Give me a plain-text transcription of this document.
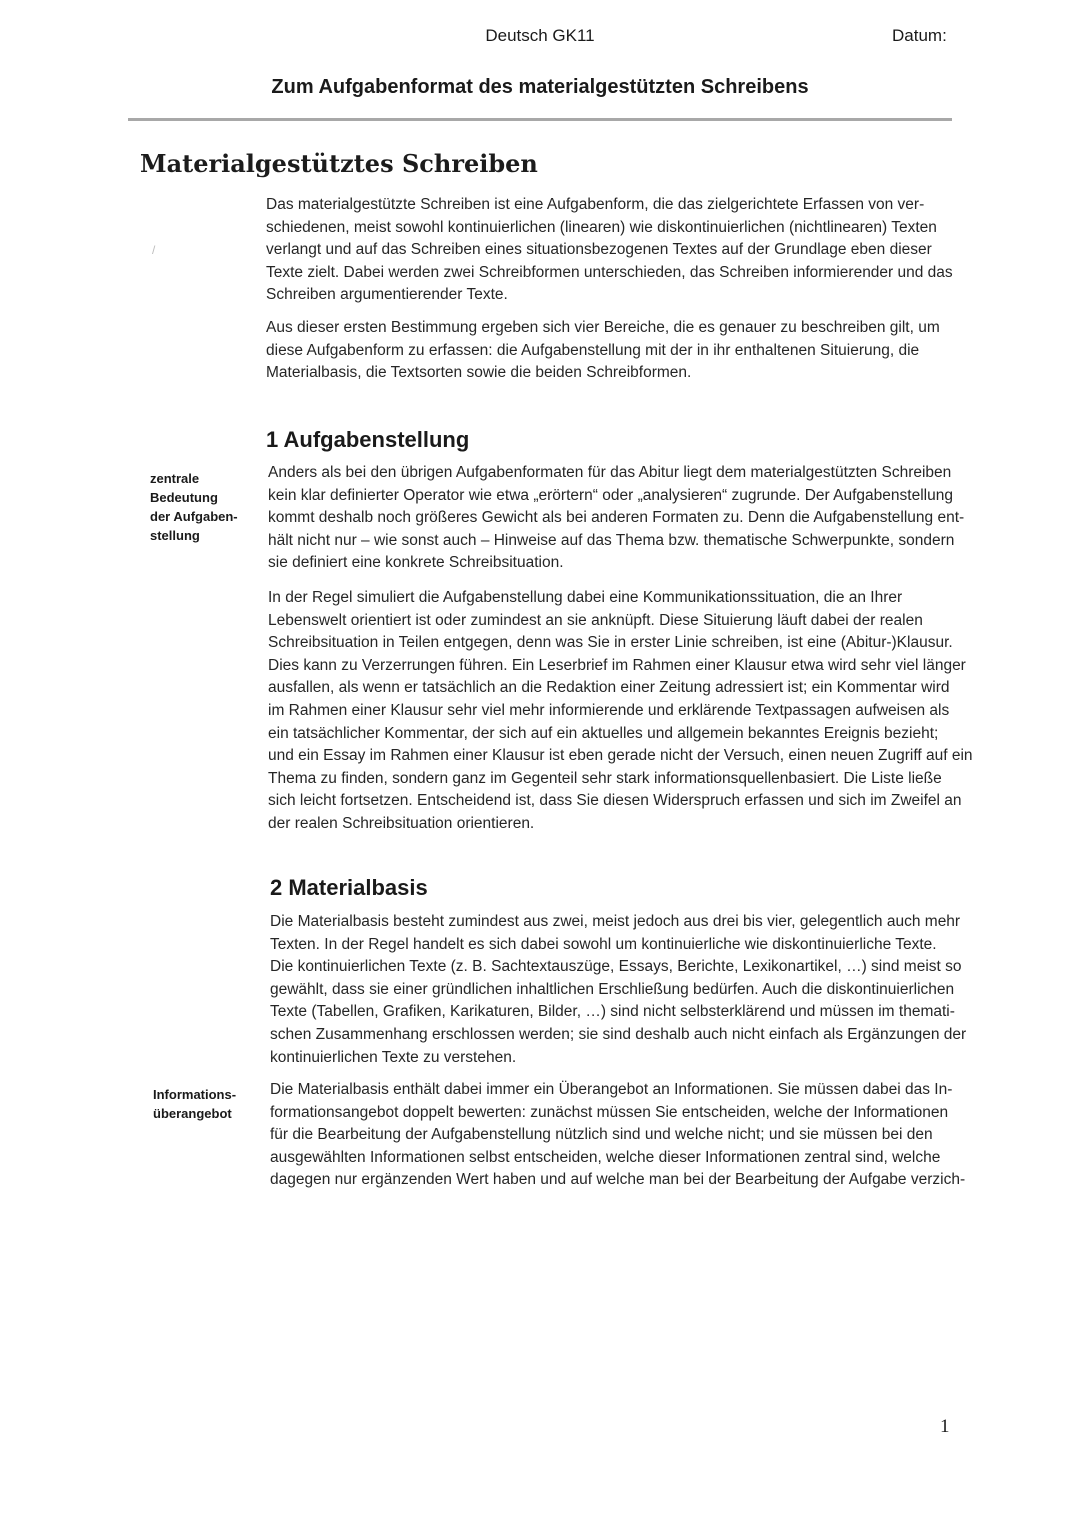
Deutsch GK11	Datum:
Zum Aufgabenformat des materialgestützten Schreibens
Materialgestütztes Schreiben
/
Das materialgestützte Schreiben ist eine Aufgabenform, die das zielgerichtete Erfassen von ver-
schiedenen, meist sowohl kontinuierlichen (linearen) wie diskontinuierlichen (nichtlinearen) Texten
verlangt und auf das Schreiben eines situationsbezogenen Textes auf der Grundlage eben dieser
Texte zielt. Dabei werden zwei Schreibformen unterschieden, das Schreiben informierender und das
Schreiben argumentierender Texte.
Aus dieser ersten Bestimmung ergeben sich vier Bereiche, die es genauer zu beschreiben gilt, um
diese Aufgabenform zu erfassen: die Aufgabenstellung mit der in ihr enthaltenen Situierung, die
Materialbasis, die Textsorten sowie die beiden Schreibformen.
1 Aufgabenstellung
zentrale
Bedeutung
der Aufgaben-
stellung
Anders als bei den übrigen Aufgabenformaten für das Abitur liegt dem materialgestützten Schreiben
kein klar definierter Operator wie etwa „erörtern“ oder „analysieren“ zugrunde. Der Aufgabenstellung
kommt deshalb noch größeres Gewicht als bei anderen Formaten zu. Denn die Aufgabenstellung ent-
hält nicht nur – wie sonst auch – Hinweise auf das Thema bzw. thematische Schwerpunkte, sondern
sie definiert eine konkrete Schreibsituation.
In der Regel simuliert die Aufgabenstellung dabei eine Kommunikationssituation, die an Ihrer
Lebenswelt orientiert ist oder zumindest an sie anknüpft. Diese Situierung läuft dabei der realen
Schreibsituation in Teilen entgegen, denn was Sie in erster Linie schreiben, ist eine (Abitur-)Klausur.
Dies kann zu Verzerrungen führen. Ein Leserbrief im Rahmen einer Klausur etwa wird sehr viel länger
ausfallen, als wenn er tatsächlich an die Redaktion einer Zeitung adressiert ist; ein Kommentar wird
im Rahmen einer Klausur sehr viel mehr informierende und erklärende Textpassagen aufweisen als
ein tatsächlicher Kommentar, der sich auf ein aktuelles und allgemein bekanntes Ereignis bezieht;
und ein Essay im Rahmen einer Klausur ist eben gerade nicht der Versuch, einen neuen Zugriff auf ein
Thema zu finden, sondern ganz im Gegenteil sehr stark informationsquellenbasiert. Die Liste ließe
sich leicht fortsetzen. Entscheidend ist, dass Sie diesen Widerspruch erfassen und sich im Zweifel an
der realen Schreibsituation orientieren.
2 Materialbasis
Die Materialbasis besteht zumindest aus zwei, meist jedoch aus drei bis vier, gelegentlich auch mehr
Texten. In der Regel handelt es sich dabei sowohl um kontinuierliche wie diskontinuierliche Texte.
Die kontinuierlichen Texte (z. B. Sachtextauszüge, Essays, Berichte, Lexikonartikel, …) sind meist so
gewählt, dass sie einer gründlichen inhaltlichen Erschließung bedürfen. Auch die diskontinuierlichen
Texte (Tabellen, Grafiken, Karikaturen, Bilder, …) sind nicht selbsterklärend und müssen im themati-
schen Zusammenhang erschlossen werden; sie sind deshalb auch nicht einfach als Ergänzungen der
kontinuierlichen Texte zu verstehen.
Informations-
überangebot
Die Materialbasis enthält dabei immer ein Überangebot an Informationen. Sie müssen dabei das In-
formationsangebot doppelt bewerten: zunächst müssen Sie entscheiden, welche der Informationen
für die Bearbeitung der Aufgabenstellung nützlich sind und welche nicht; und sie müssen bei den
ausgewählten Informationen selbst entscheiden, welche dieser Informationen zentral sind, welche
dagegen nur ergänzenden Wert haben und auf welche man bei der Bearbeitung der Aufgabe verzich-
1
